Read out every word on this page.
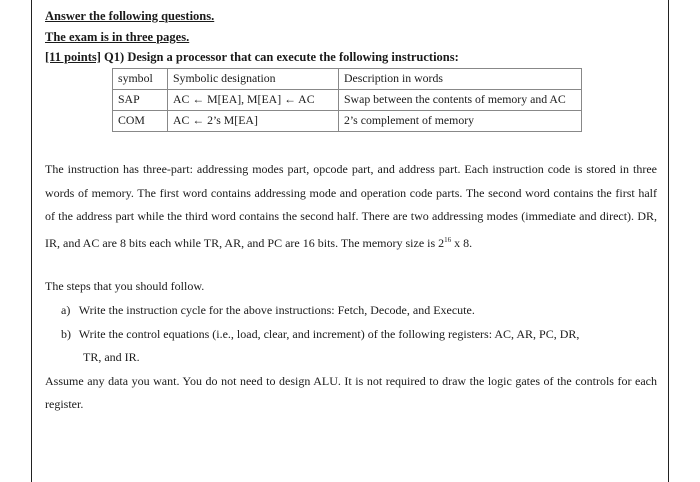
Answer the following questions.

The exam is in three pages.

[11 points] Q1) Design a processor that can execute the following instructions:
symbol	Symbolic designation	Description in words
SAP	AC ← M[EA], M[EA] ← AC	Swap between the contents of memory and AC
COM	AC ← 2’s M[EA]	2’s complement of memory
The instruction has three-part: addressing modes part, opcode part, and address part. Each instruction code is stored in three words of memory. The first word contains addressing mode and operation code parts. The second word contains the first half of the address part while the third word contains the second half. There are two addressing modes (immediate and direct). DR, IR, and AC are 8 bits each while TR, AR, and PC are 16 bits. The memory size is $2^{16}$ x 8.
The steps that you should follow.
a) Write the instruction cycle for the above instructions: Fetch, Decode, and Execute.
b) Write the control equations (i.e., load, clear, and increment) of the following registers: AC, AR, PC, DR,
TR, and IR.
Assume any data you want. You do not need to design ALU. It is not required to draw the logic gates of the controls for each register.
